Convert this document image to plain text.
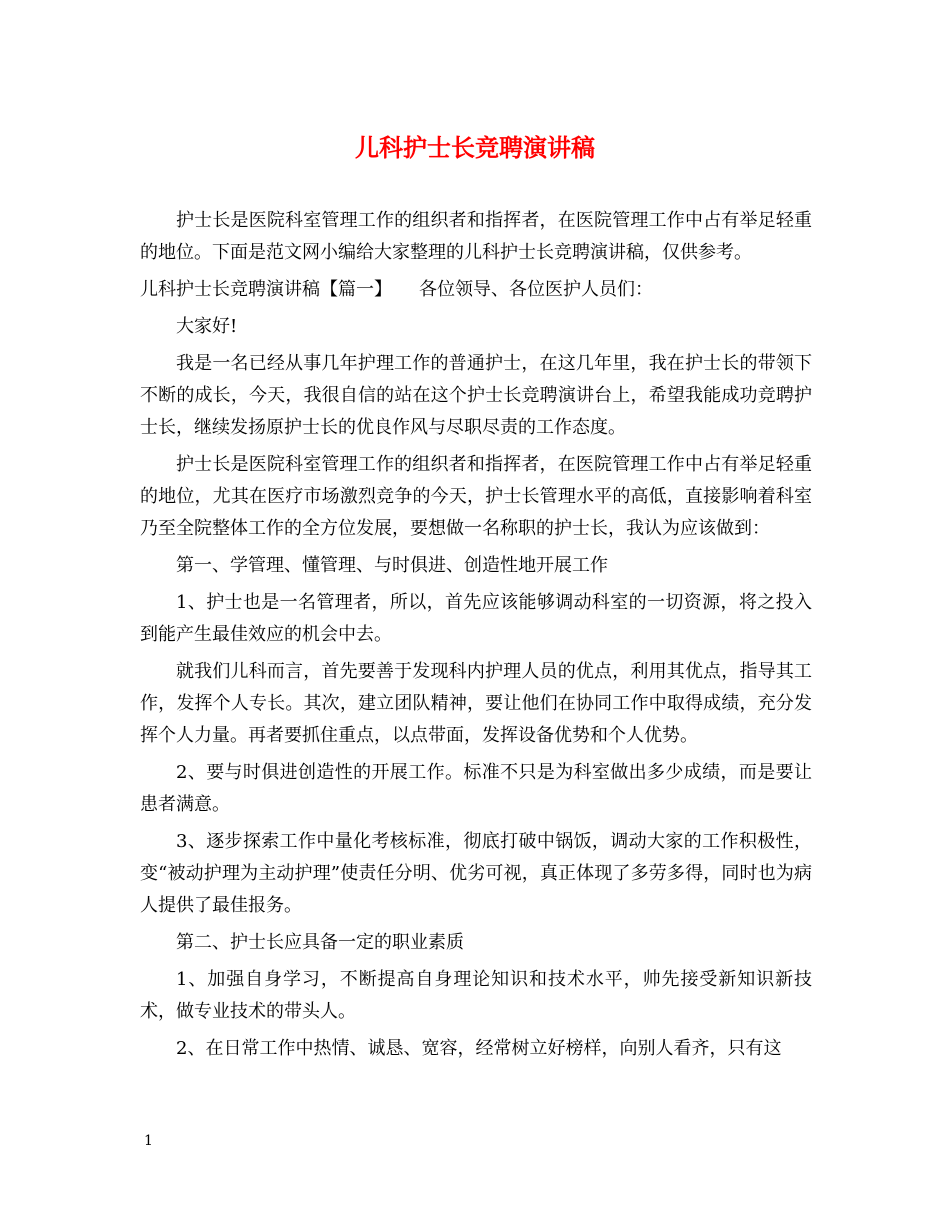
儿科护士长竞聘演讲稿

护士长是医院科室管理工作的组织者和指挥者，在医院管理工作中占有举足轻重的地位。下面是范文网小编给大家整理的儿科护士长竞聘演讲稿，仅供参考。

儿科护士长竞聘演讲稿【篇一】　　各位领导、各位医护人员们：

大家好!

我是一名已经从事几年护理工作的普通护士，在这几年里，我在护士长的带领下不断的成长，今天，我很自信的站在这个护士长竞聘演讲台上，希望我能成功竞聘护士长，继续发扬原护士长的优良作风与尽职尽责的工作态度。

护士长是医院科室管理工作的组织者和指挥者，在医院管理工作中占有举足轻重的地位，尤其在医疗市场激烈竞争的今天，护士长管理水平的高低，直接影响着科室乃至全院整体工作的全方位发展，要想做一名称职的护士长，我认为应该做到：

第一、学管理、懂管理、与时俱进、创造性地开展工作

1、护士也是一名管理者，所以，首先应该能够调动科室的一切资源，将之投入到能产生最佳效应的机会中去。

就我们儿科而言，首先要善于发现科内护理人员的优点，利用其优点，指导其工作，发挥个人专长。其次，建立团队精神，要让他们在协同工作中取得成绩，充分发挥个人力量。再者要抓住重点，以点带面，发挥设备优势和个人优势。

2、要与时俱进创造性的开展工作。标准不只是为科室做出多少成绩，而是要让患者满意。

3、逐步探索工作中量化考核标准，彻底打破中锅饭，调动大家的工作积极性，变“被动护理为主动护理”使责任分明、优劣可视，真正体现了多劳多得，同时也为病人提供了最佳报务。

第二、护士长应具备一定的职业素质

1、加强自身学习，不断提高自身理论知识和技术水平，帅先接受新知识新技术，做专业技术的带头人。

2、在日常工作中热情、诚恳、宽容，经常树立好榜样，向别人看齐，只有这

1
